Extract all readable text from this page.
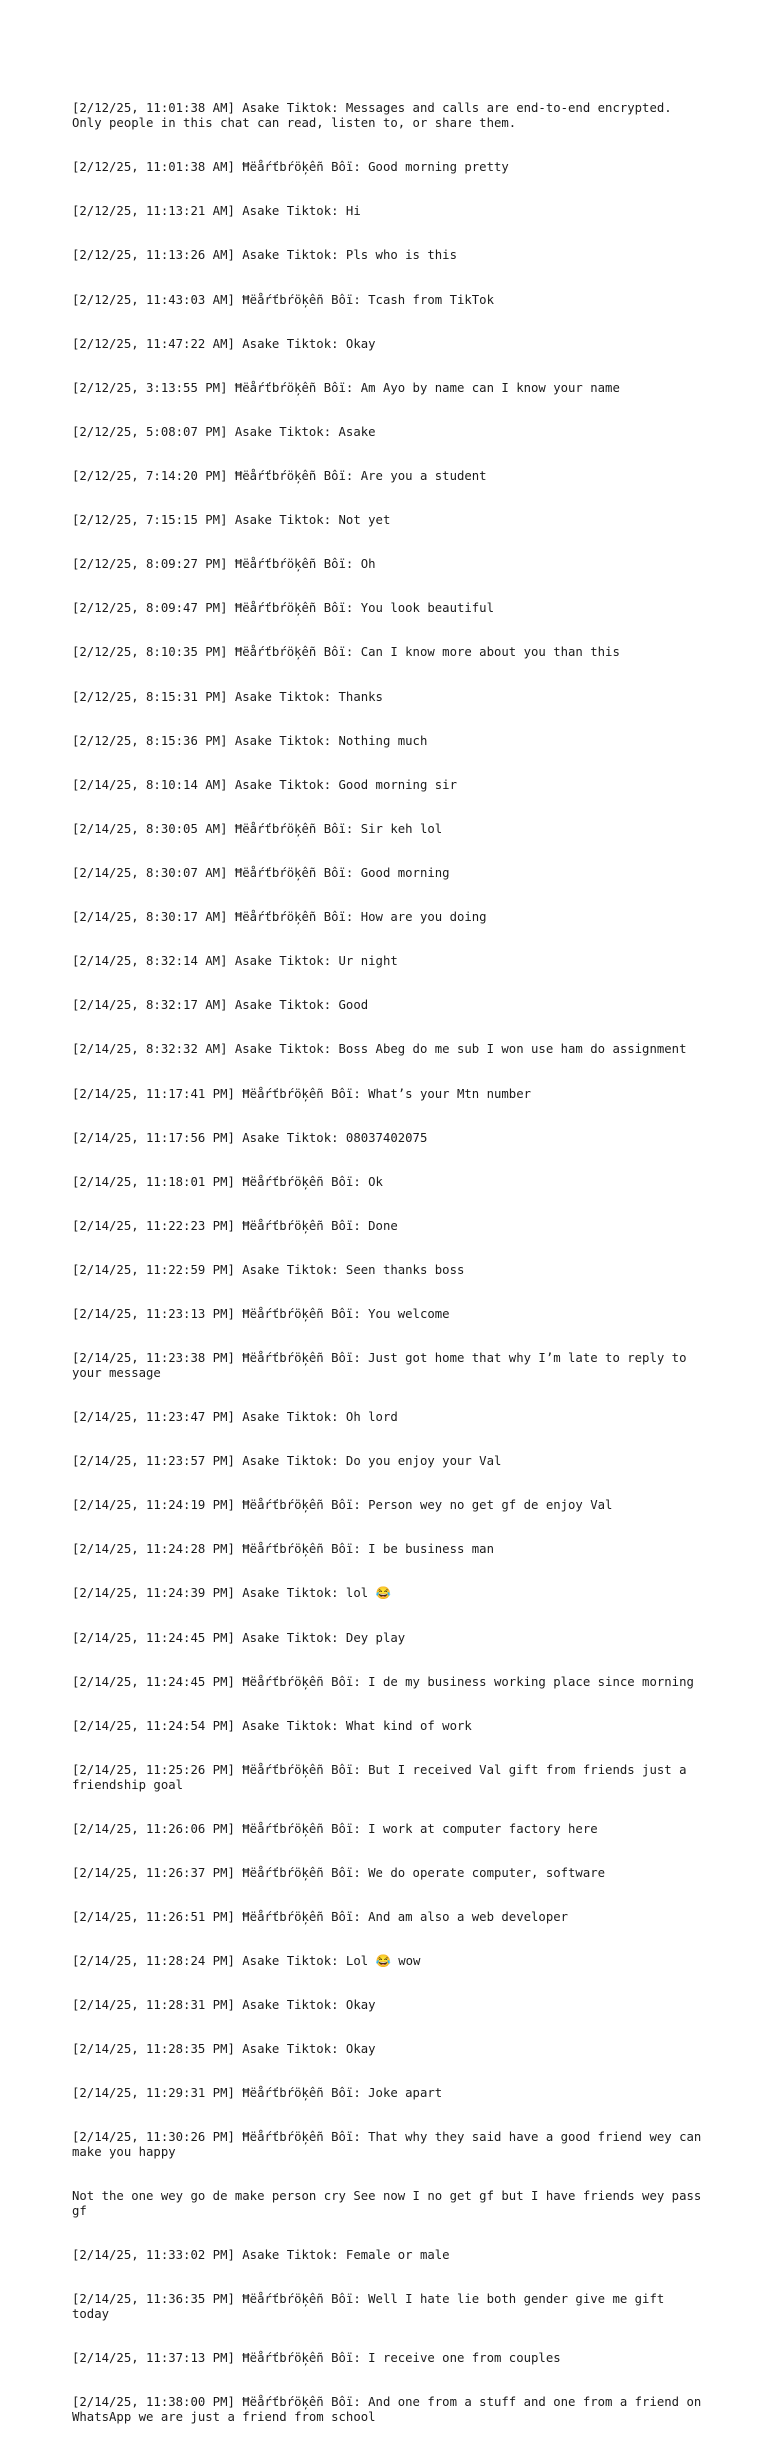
[2/12/25, 11:01:38 AM] Asake Tiktok: Messages and calls are end-to-end encrypted. Only people in this chat can read, listen to, or share them.

[2/12/25, 11:01:38 AM] Ħëåŕťbŕöķêñ Bôï: Good morning pretty

[2/12/25, 11:13:21 AM] Asake Tiktok: Hi

[2/12/25, 11:13:26 AM] Asake Tiktok: Pls who is this

[2/12/25, 11:43:03 AM] Ħëåŕťbŕöķêñ Bôï: Tcash from TikTok

[2/12/25, 11:47:22 AM] Asake Tiktok: Okay

[2/12/25, 3:13:55 PM] Ħëåŕťbŕöķêñ Bôï: Am Ayo by name can I know your name

[2/12/25, 5:08:07 PM] Asake Tiktok: Asake

[2/12/25, 7:14:20 PM] Ħëåŕťbŕöķêñ Bôï: Are you a student

[2/12/25, 7:15:15 PM] Asake Tiktok: Not yet

[2/12/25, 8:09:27 PM] Ħëåŕťbŕöķêñ Bôï: Oh

[2/12/25, 8:09:47 PM] Ħëåŕťbŕöķêñ Bôï: You look beautiful

[2/12/25, 8:10:35 PM] Ħëåŕťbŕöķêñ Bôï: Can I know more about you than this

[2/12/25, 8:15:31 PM] Asake Tiktok: Thanks

[2/12/25, 8:15:36 PM] Asake Tiktok: Nothing much

[2/14/25, 8:10:14 AM] Asake Tiktok: Good morning sir

[2/14/25, 8:30:05 AM] Ħëåŕťbŕöķêñ Bôï: Sir keh lol

[2/14/25, 8:30:07 AM] Ħëåŕťbŕöķêñ Bôï: Good morning

[2/14/25, 8:30:17 AM] Ħëåŕťbŕöķêñ Bôï: How are you doing

[2/14/25, 8:32:14 AM] Asake Tiktok: Ur night

[2/14/25, 8:32:17 AM] Asake Tiktok: Good

[2/14/25, 8:32:32 AM] Asake Tiktok: Boss Abeg do me sub I won use ham do assignment

[2/14/25, 11:17:41 PM] Ħëåŕťbŕöķêñ Bôï: What’s your Mtn number

[2/14/25, 11:17:56 PM] Asake Tiktok: 08037402075

[2/14/25, 11:18:01 PM] Ħëåŕťbŕöķêñ Bôï: Ok

[2/14/25, 11:22:23 PM] Ħëåŕťbŕöķêñ Bôï: Done

[2/14/25, 11:22:59 PM] Asake Tiktok: Seen thanks boss

[2/14/25, 11:23:13 PM] Ħëåŕťbŕöķêñ Bôï: You welcome

[2/14/25, 11:23:38 PM] Ħëåŕťbŕöķêñ Bôï: Just got home that why I’m late to reply to your message

[2/14/25, 11:23:47 PM] Asake Tiktok: Oh lord

[2/14/25, 11:23:57 PM] Asake Tiktok: Do you enjoy your Val

[2/14/25, 11:24:19 PM] Ħëåŕťbŕöķêñ Bôï: Person wey no get gf de enjoy Val

[2/14/25, 11:24:28 PM] Ħëåŕťbŕöķêñ Bôï: I be business man

[2/14/25, 11:24:39 PM] Asake Tiktok: lol 😂

[2/14/25, 11:24:45 PM] Asake Tiktok: Dey play

[2/14/25, 11:24:45 PM] Ħëåŕťbŕöķêñ Bôï: I de my business working place since morning

[2/14/25, 11:24:54 PM] Asake Tiktok: What kind of work

[2/14/25, 11:25:26 PM] Ħëåŕťbŕöķêñ Bôï: But I received Val gift from friends just a friendship goal

[2/14/25, 11:26:06 PM] Ħëåŕťbŕöķêñ Bôï: I work at computer factory here

[2/14/25, 11:26:37 PM] Ħëåŕťbŕöķêñ Bôï: We do operate computer, software

[2/14/25, 11:26:51 PM] Ħëåŕťbŕöķêñ Bôï: And am also a web developer

[2/14/25, 11:28:24 PM] Asake Tiktok: Lol 😂 wow

[2/14/25, 11:28:31 PM] Asake Tiktok: Okay

[2/14/25, 11:28:35 PM] Asake Tiktok: Okay

[2/14/25, 11:29:31 PM] Ħëåŕťbŕöķêñ Bôï: Joke apart

[2/14/25, 11:30:26 PM] Ħëåŕťbŕöķêñ Bôï: That why they said have a good friend wey can make you happy

Not the one wey go de make person cry See now I no get gf but I have friends wey pass gf

[2/14/25, 11:33:02 PM] Asake Tiktok: Female or male

[2/14/25, 11:36:35 PM] Ħëåŕťbŕöķêñ Bôï: Well I hate lie both gender give me gift today

[2/14/25, 11:37:13 PM] Ħëåŕťbŕöķêñ Bôï: I receive one from couples

[2/14/25, 11:38:00 PM] Ħëåŕťbŕöķêñ Bôï: And one from a stuff and one from a friend on WhatsApp we are just a friend from school
